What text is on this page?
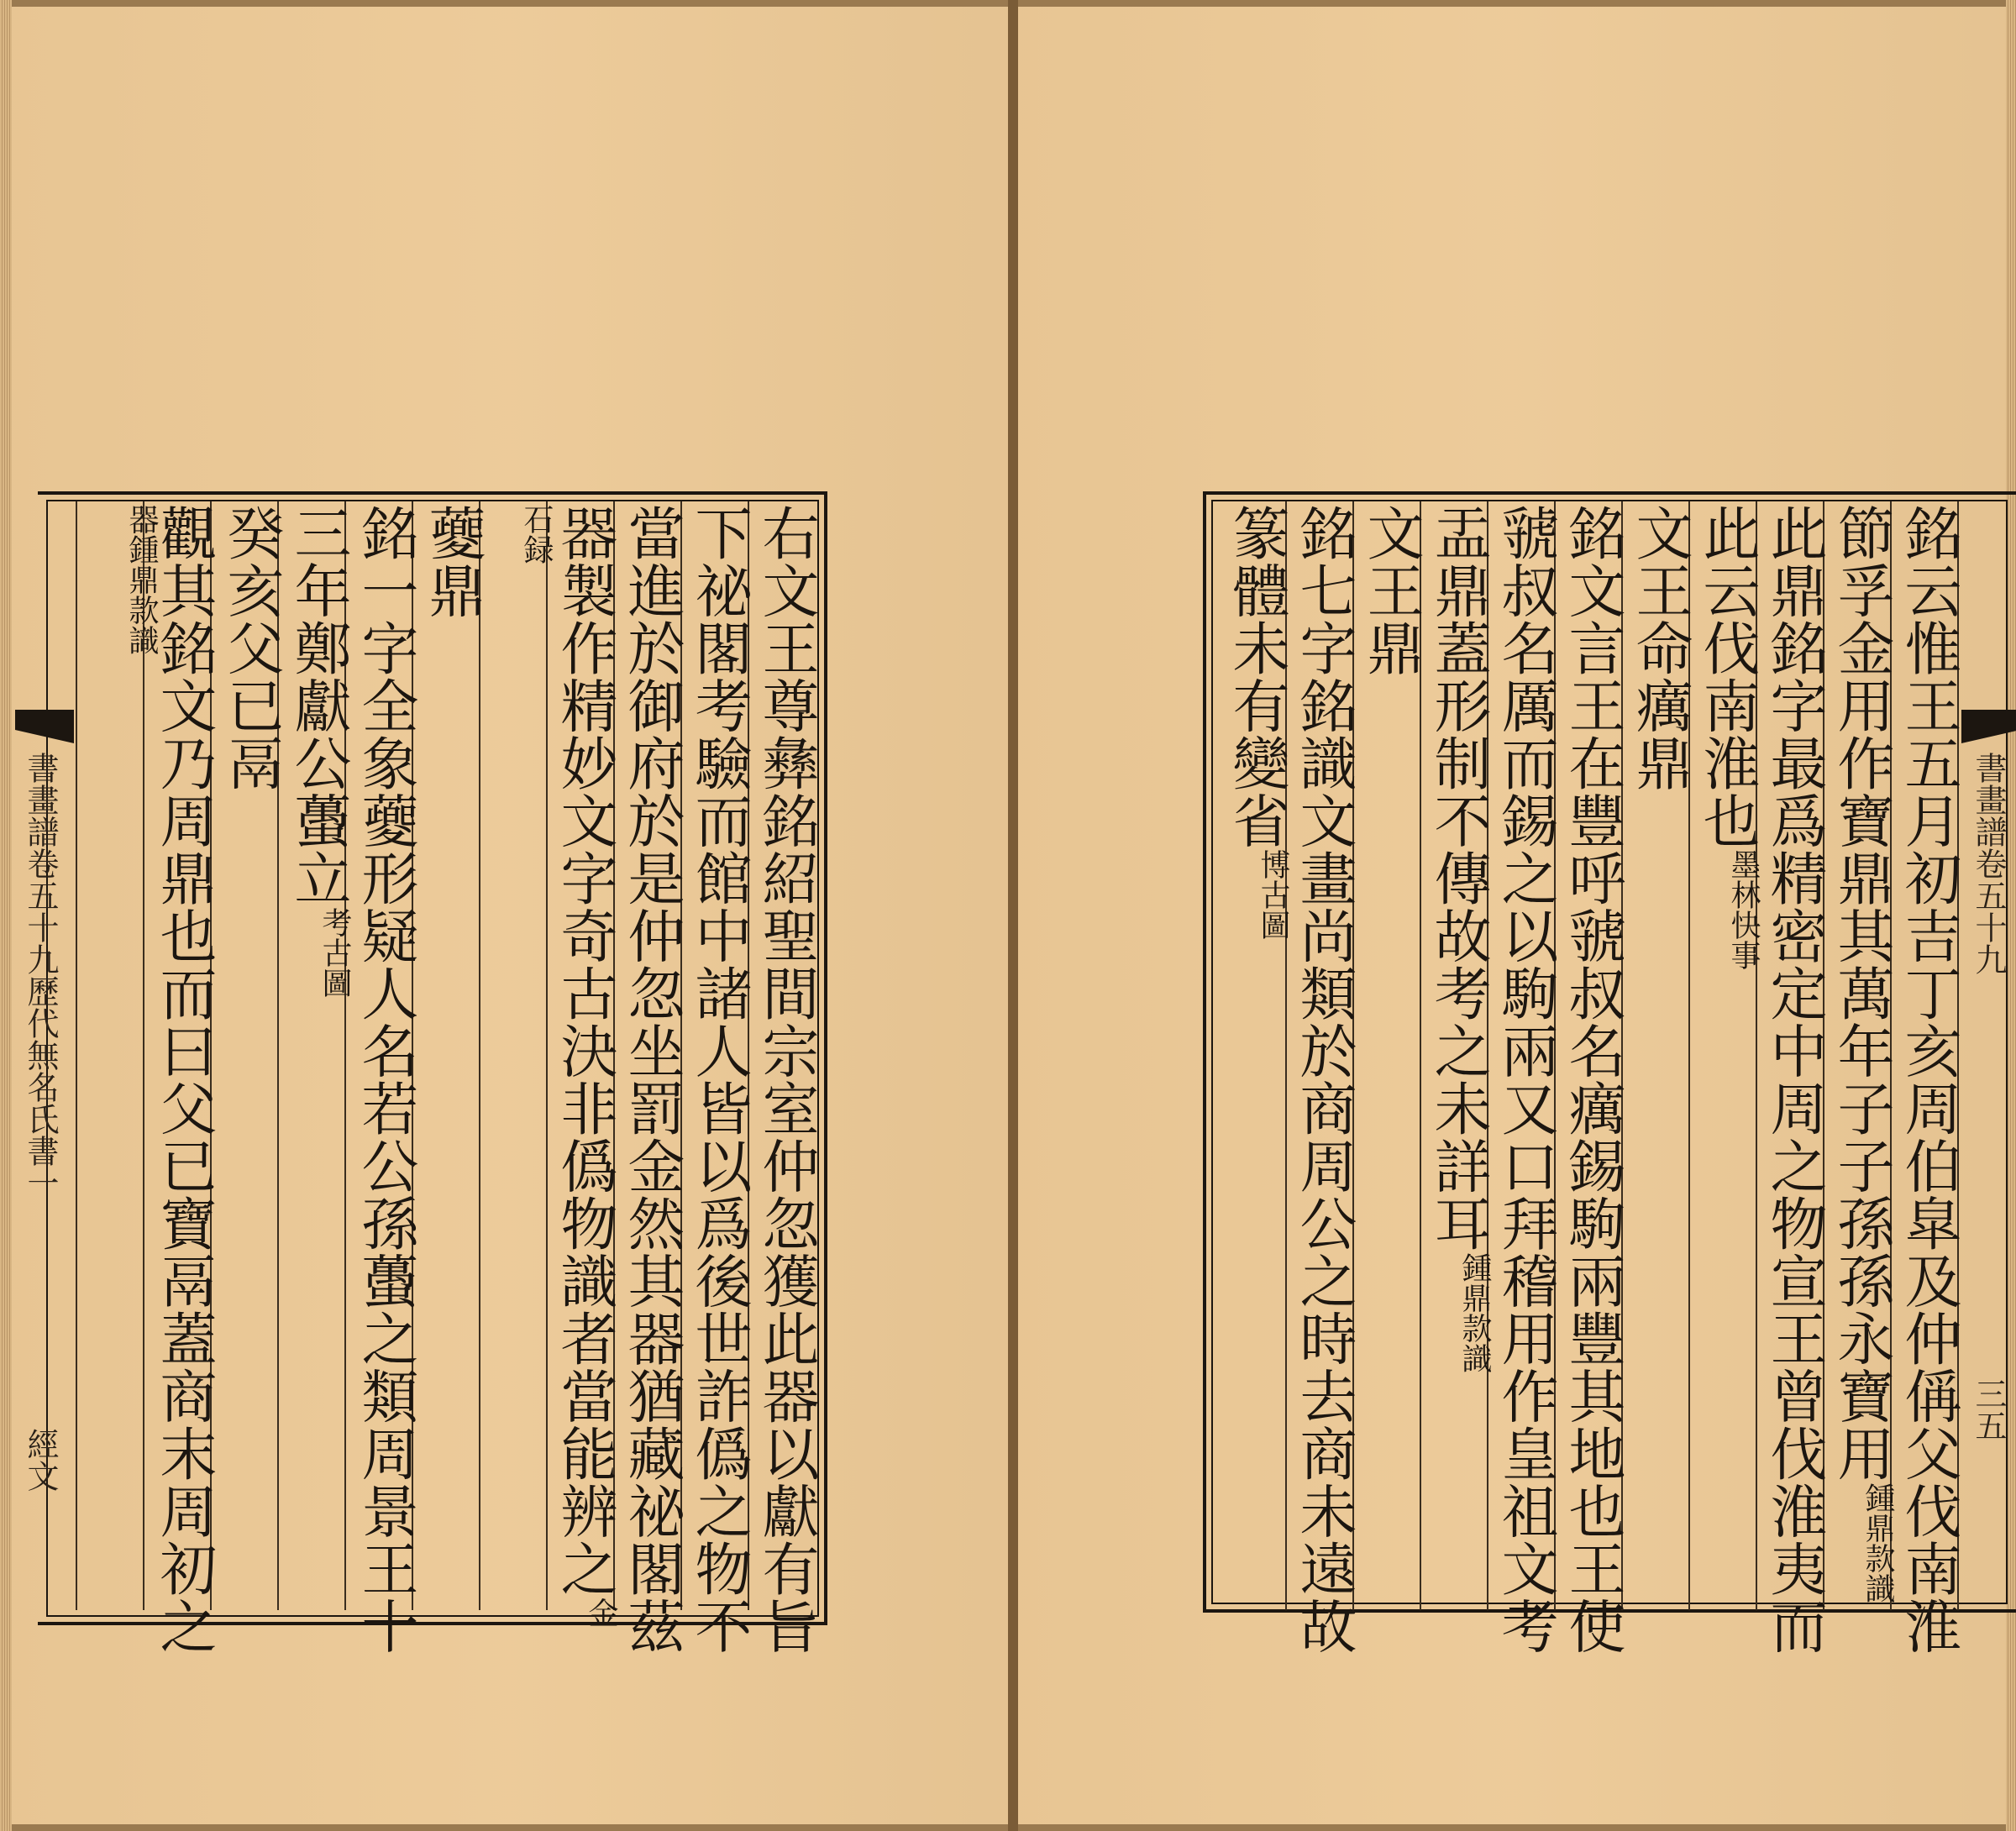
右文王尊彝銘紹聖間宗室仲忽獲此器以獻有旨
下祕閣考驗而館中諸人皆以爲後世詐僞之物不
當進於御府於是仲忽坐罰金然其器猶藏祕閣茲
器製作精妙文字奇古決非僞物識者當能辨之金
石録
䕫鼎
銘一字全象䕫形疑人名若公孫蠆之類周景王十
三年鄭獻公蠆立考古圖
癸亥父已鬲
觀其銘文乃周鼎也而曰父已寶鬲蓋商末周初之
器鍾鼎款識
書畫譜卷五十九歷代無名氏書一
經文	銘云惟王五月初吉丁亥周伯皐及仲偁父伐南淮
節孚金用作寶鼎其萬年子子孫孫永寶用鍾鼎款識
此鼎銘字最爲精密定中周之物宣王曾伐淮夷而
此云伐南淮也墨林快事
文王命癘鼎
銘文言王在豐呼虢叔名癘錫駒兩豐其地也王使
虢叔名厲而錫之以駒兩又口拜稽用作皇祖文考
盂鼎蓋形制不傳故考之未詳耳鍾鼎款識
文王鼎
銘七字銘識文畫尚類於商周公之時去商未遠故
篆體未有變省博古圖	書畫譜卷五十九
三五
